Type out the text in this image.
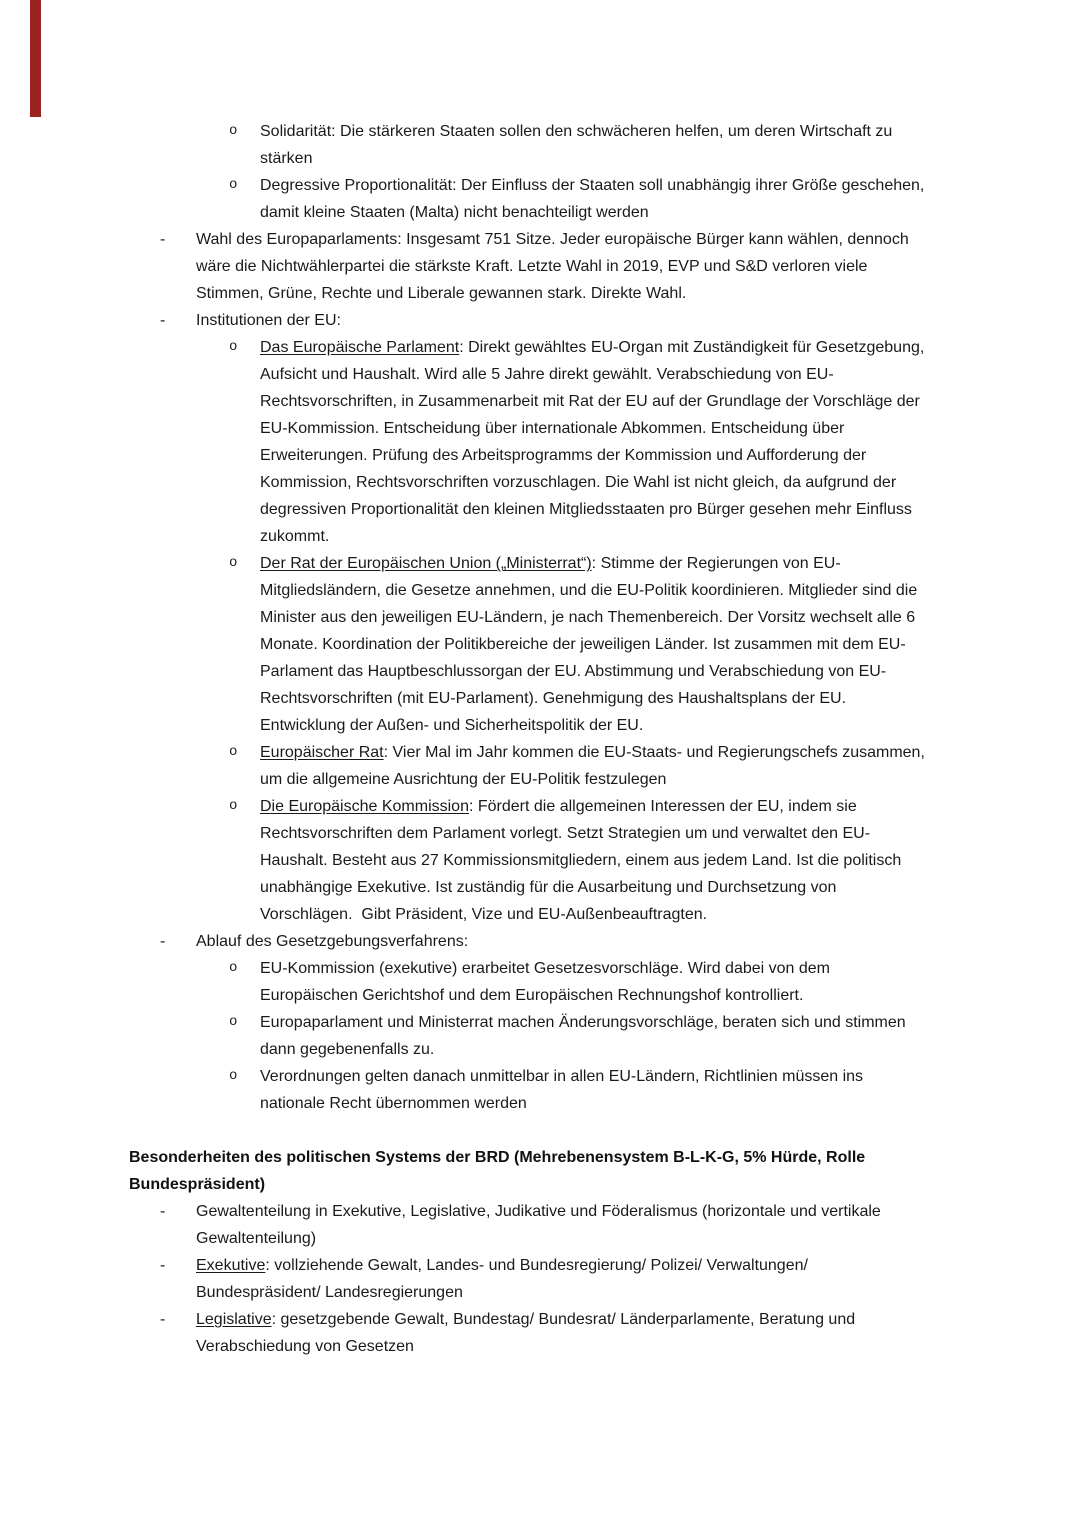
o Solidarität: Die stärkeren Staaten sollen den schwächeren helfen, um deren Wirtschaft zu stärken
o Degressive Proportionalität: Der Einfluss der Staaten soll unabhängig ihrer Größe geschehen, damit kleine Staaten (Malta) nicht benachteiligt werden
- Wahl des Europaparlaments: Insgesamt 751 Sitze. Jeder europäische Bürger kann wählen, dennoch wäre die Nichtwählerpartei die stärkste Kraft. Letzte Wahl in 2019, EVP und S&D verloren viele Stimmen, Grüne, Rechte und Liberale gewannen stark. Direkte Wahl.
- Institutionen der EU:
o Das Europäische Parlament: Direkt gewähltes EU-Organ mit Zuständigkeit für Gesetzgebung, Aufsicht und Haushalt. Wird alle 5 Jahre direkt gewählt. Verabschiedung von EU-Rechtsvorschriften, in Zusammenarbeit mit Rat der EU auf der Grundlage der Vorschläge der EU-Kommission. Entscheidung über internationale Abkommen. Entscheidung über Erweiterungen. Prüfung des Arbeitsprogramms der Kommission und Aufforderung der Kommission, Rechtsvorschriften vorzuschlagen. Die Wahl ist nicht gleich, da aufgrund der degressiven Proportionalität den kleinen Mitgliedsstaaten pro Bürger gesehen mehr Einfluss zukommt.
o Der Rat der Europäischen Union („Ministerrat“): Stimme der Regierungen von EU-Mitgliedsländern, die Gesetze annehmen, und die EU-Politik koordinieren. Mitglieder sind die Minister aus den jeweiligen EU-Ländern, je nach Themenbereich. Der Vorsitz wechselt alle 6 Monate. Koordination der Politikbereiche der jeweiligen Länder. Ist zusammen mit dem EU-Parlament das Hauptbeschlussorgan der EU. Abstimmung und Verabschiedung von EU-Rechtsvorschriften (mit EU-Parlament). Genehmigung des Haushaltsplans der EU. Entwicklung der Außen- und Sicherheitspolitik der EU.
o Europäischer Rat: Vier Mal im Jahr kommen die EU-Staats- und Regierungschefs zusammen, um die allgemeine Ausrichtung der EU-Politik festzulegen
o Die Europäische Kommission: Fördert die allgemeinen Interessen der EU, indem sie Rechtsvorschriften dem Parlament vorlegt. Setzt Strategien um und verwaltet den EU-Haushalt. Besteht aus 27 Kommissionsmitgliedern, einem aus jedem Land. Ist die politisch unabhängige Exekutive. Ist zuständig für die Ausarbeitung und Durchsetzung von Vorschlägen.  Gibt Präsident, Vize und EU-Außenbeauftragten.
- Ablauf des Gesetzgebungsverfahrens:
o EU-Kommission (exekutive) erarbeitet Gesetzesvorschläge. Wird dabei von dem Europäischen Gerichtshof und dem Europäischen Rechnungshof kontrolliert.
o Europaparlament und Ministerrat machen Änderungsvorschläge, beraten sich und stimmen dann gegebenenfalls zu.
o Verordnungen gelten danach unmittelbar in allen EU-Ländern, Richtlinien müssen ins nationale Recht übernommen werden
Besonderheiten des politischen Systems der BRD (Mehrebenensystem B-L-K-G, 5% Hürde, Rolle Bundespräsident)
- Gewaltenteilung in Exekutive, Legislative, Judikative und Föderalismus (horizontale und vertikale Gewaltenteilung)
- Exekutive: vollziehende Gewalt, Landes- und Bundesregierung/ Polizei/ Verwaltungen/ Bundespräsident/ Landesregierungen
- Legislative: gesetzgebende Gewalt, Bundestag/ Bundesrat/ Länderparlamente, Beratung und Verabschiedung von Gesetzen
